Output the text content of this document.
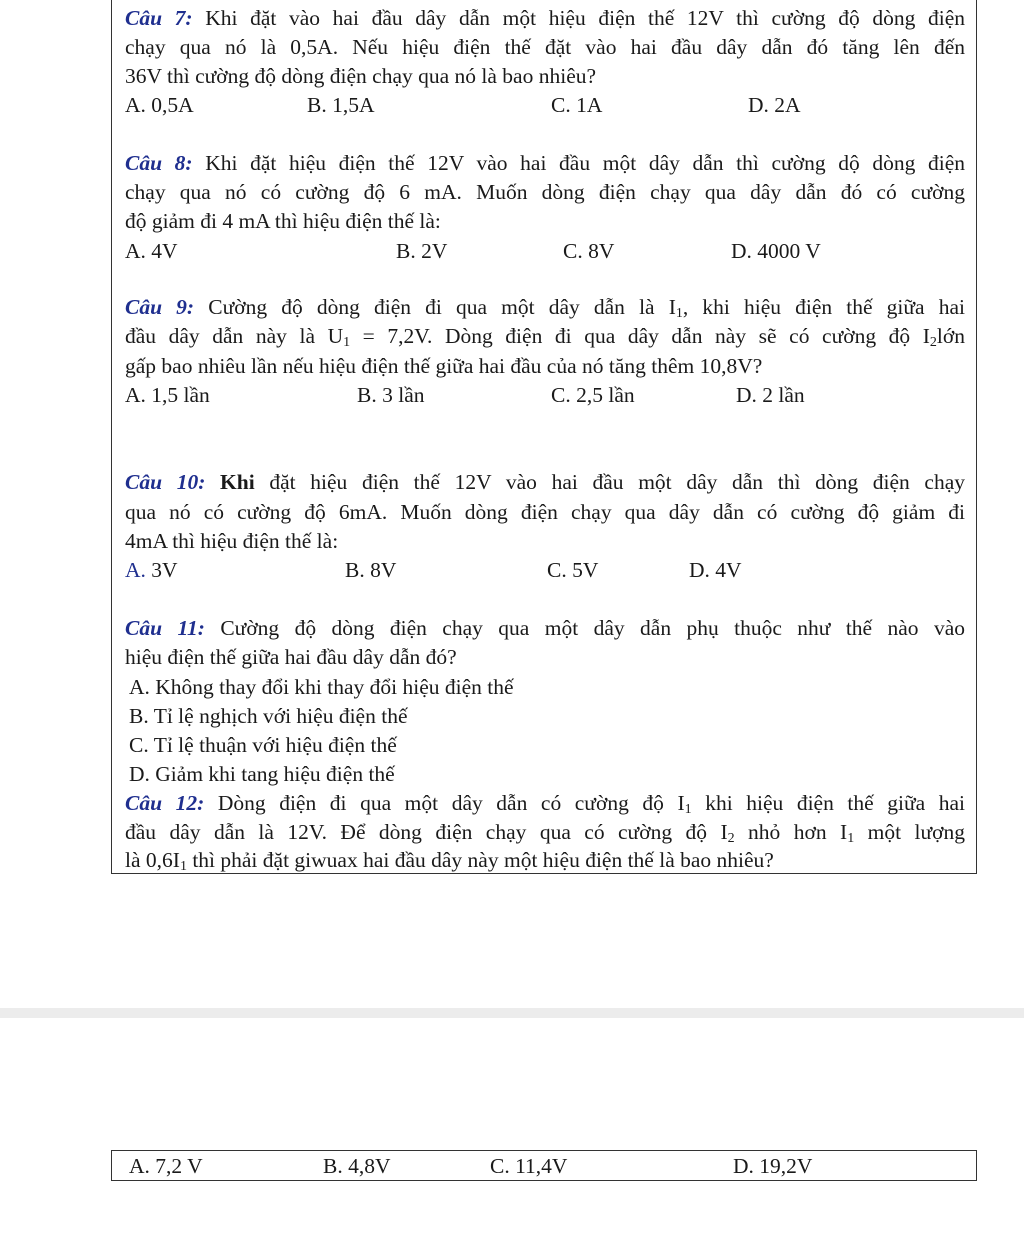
Câu 7: Khi đặt vào hai đầu dây dẫn một hiệu điện thế 12V thì cường độ dòng điện
chạy qua nó là 0,5A. Nếu hiệu điện thế đặt vào hai đầu dây dẫn đó tăng lên đến
36V thì cường độ dòng điện chạy qua nó là bao nhiêu?
A. 0,5A	B. 1,5A	C. 1A	D. 2A
Câu 8: Khi đặt hiệu điện thế 12V vào hai đầu một dây dẫn thì cường dộ dòng điện
chạy qua nó có cường độ 6 mA. Muốn dòng điện chạy qua dây dẫn đó có cường
độ giảm đi 4 mA thì hiệu điện thế là:
A. 4V	B. 2V	C. 8V	D. 4000 V
Câu 9: Cường độ dòng điện đi qua một dây dẫn là $I_1$, khi hiệu điện thế giữa hai
đầu dây dẫn này là $U_1 = 7,2V$. Dòng điện đi qua dây dẫn này sẽ có cường độ $I_2lớn$
gấp bao nhiêu lần nếu hiệu điện thế giữa hai đầu của nó tăng thêm 10,8V?
A. 1,5 lần	B. 3 lần	C. 2,5 lần	D. 2 lần
Câu 10: Khi đặt hiệu điện thế 12V vào hai đầu một dây dẫn thì dòng điện chạy
qua nó có cường độ 6mA. Muốn dòng điện chạy qua dây dẫn có cường độ giảm đi
4mA thì hiệu điện thế là:
A. 3V	B. 8V	C. 5V	D. 4V
Câu 11: Cường độ dòng điện chạy qua một dây dẫn phụ thuộc như thế nào vào
hiệu điện thế giữa hai đầu dây dẫn đó?
A. Không thay đổi khi thay đổi hiệu điện thế
B. Tỉ lệ nghịch với hiệu điện thế
C. Tỉ lệ thuận với hiệu điện thế
D. Giảm khi tang hiệu điện thế
Câu 12: Dòng điện đi qua một dây dẫn có cường độ $I_1$ khi hiệu điện thế giữa hai
đầu dây dẫn là 12V. Để dòng điện chạy qua có cường độ $I_2$ nhỏ hơn $I_1$ một lượng
là $0,6I_1$ thì phải đặt giwuax hai đầu dây này một hiệu điện thế là bao nhiêu?
A. 7,2 V	B. 4,8V	C. 11,4V	D. 19,2V
